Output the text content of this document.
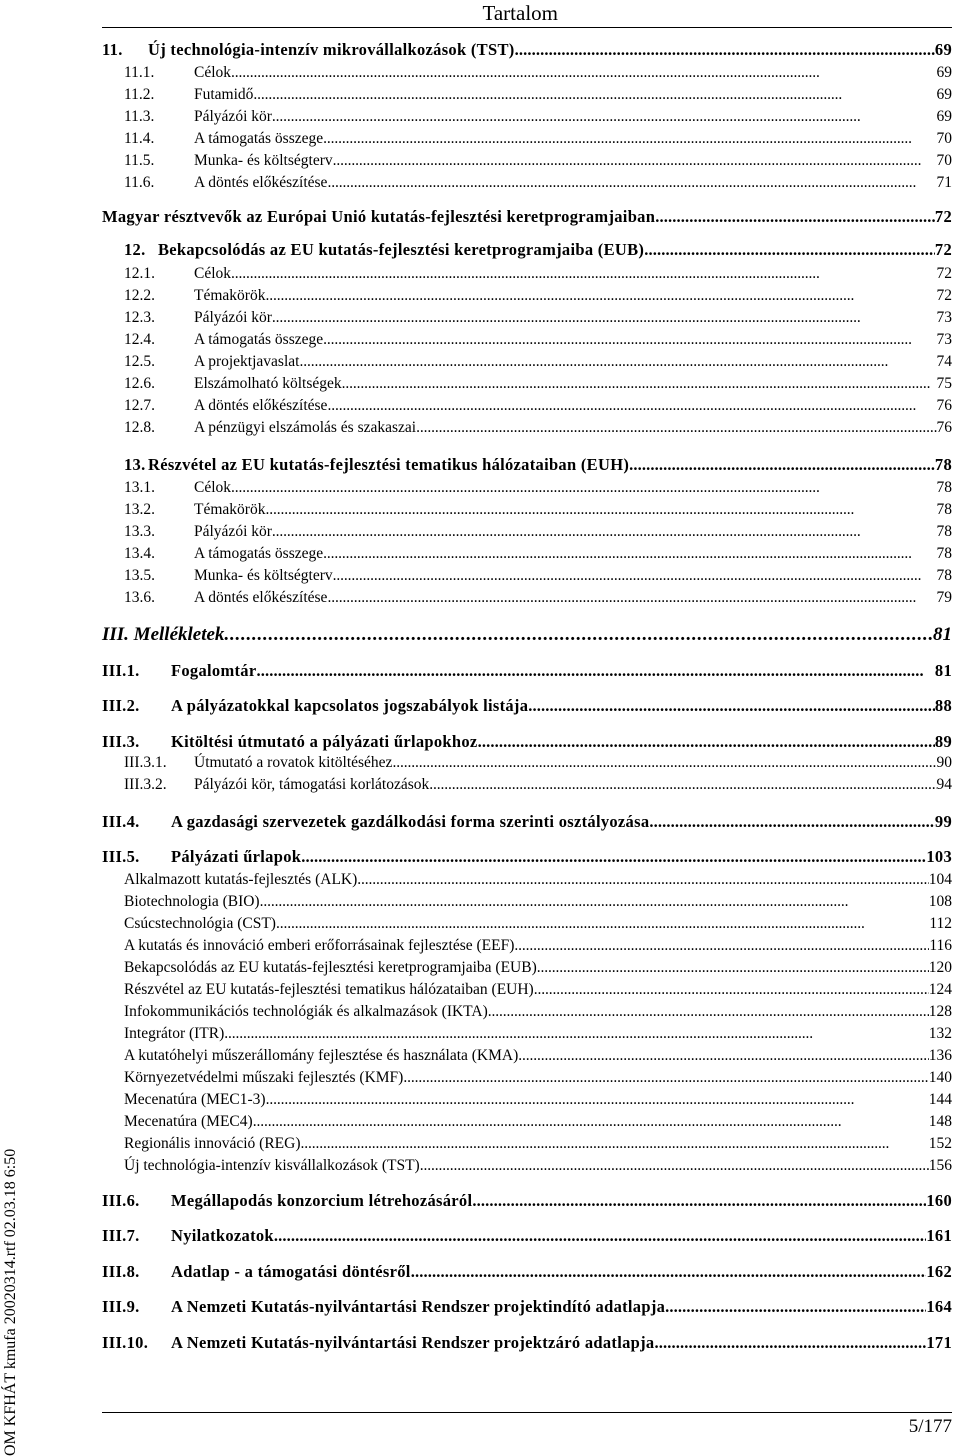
Tartalom
OM KFHÁT kmufa 20020314.rtf 02.03.18 6:50
11.	Új technológia-intenzív mikrovállalkozások (TST) . . .	69
11.1.	Célok . . .	69
11.2.	Futamidő . . .	69
11.3.	Pályázói kör . . .	69
11.4.	A támogatás összege . . .	70
11.5.	Munka- és költségterv . . .	70
11.6.	A döntés előkészítése . . .	71
Magyar résztvevők az Európai Unió kutatás-fejlesztési keretprogramjaiban . . .	72
12. Bekapcsolódás az EU kutatás-fejlesztési keretprogramjaiba (EUB) . . .	72
12.1.	Célok . . .	72
12.2.	Témakörök . . .	72
12.3.	Pályázói kör . . .	73
12.4.	A támogatás összege . . .	73
12.5.	A projektjavaslat . . .	74
12.6.	Elszámolható költségek . . .	75
12.7.	A döntés előkészítése . . .	76
12.8.	A pénzügyi elszámolás és szakaszai . . .	76
13. Részvétel az EU kutatás-fejlesztési tematikus hálózataiban (EUH) . . .	78
13.1.	Célok . . .	78
13.2.	Témakörök . . .	78
13.3.	Pályázói kör . . .	78
13.4.	A támogatás összege . . .	78
13.5.	Munka- és költségterv . . .	78
13.6.	A döntés előkészítése . . .	79
III. Mellékletek . . .	81
III.1.	Fogalomtár . . .	81
III.2.	A pályázatokkal kapcsolatos jogszabályok listája . . .	88
III.3.	Kitöltési útmutató a pályázati űrlapokhoz . . .	89
III.3.1.	Útmutató a rovatok kitöltéséhez . . .	90
III.3.2.	Pályázói kör, támogatási korlátozások . . .	94
III.4.	A gazdasági szervezetek gazdálkodási forma szerinti osztályozása . . .	99
III.5.	Pályázati űrlapok . . .	103
Alkalmazott kutatás-fejlesztés (ALK) . . .	104
Biotechnologia (BIO) . . .	108
Csúcstechnológia (CST) . . .	112
A kutatás és innováció emberi erőforrásainak fejlesztése (EEF) . . .	116
Bekapcsolódás az EU kutatás-fejlesztési keretprogramjaiba (EUB) . . .	120
Részvétel az EU kutatás-fejlesztési tematikus hálózataiban (EUH) . . .	124
Infokommunikációs technológiák és alkalmazások (IKTA) . . .	128
Integrátor (ITR) . . .	132
A kutatóhelyi műszerállomány fejlesztése és használata (KMA) . . .	136
Környezetvédelmi műszaki fejlesztés (KMF) . . .	140
Mecenatúra (MEC1-3) . . .	144
Mecenatúra (MEC4) . . .	148
Regionális innováció (REG) . . .	152
Új technológia-intenzív kisvállalkozások (TST) . . .	156
III.6.	Megállapodás konzorcium létrehozásáról . . .	160
III.7.	Nyilatkozatok . . .	161
III.8.	Adatlap - a támogatási döntésről . . .	162
III.9.	A Nemzeti Kutatás-nyilvántartási Rendszer projektindító adatlapja . . .	164
III.10.	A Nemzeti Kutatás-nyilvántartási Rendszer projektzáró adatlapja . . .	171
5/177
